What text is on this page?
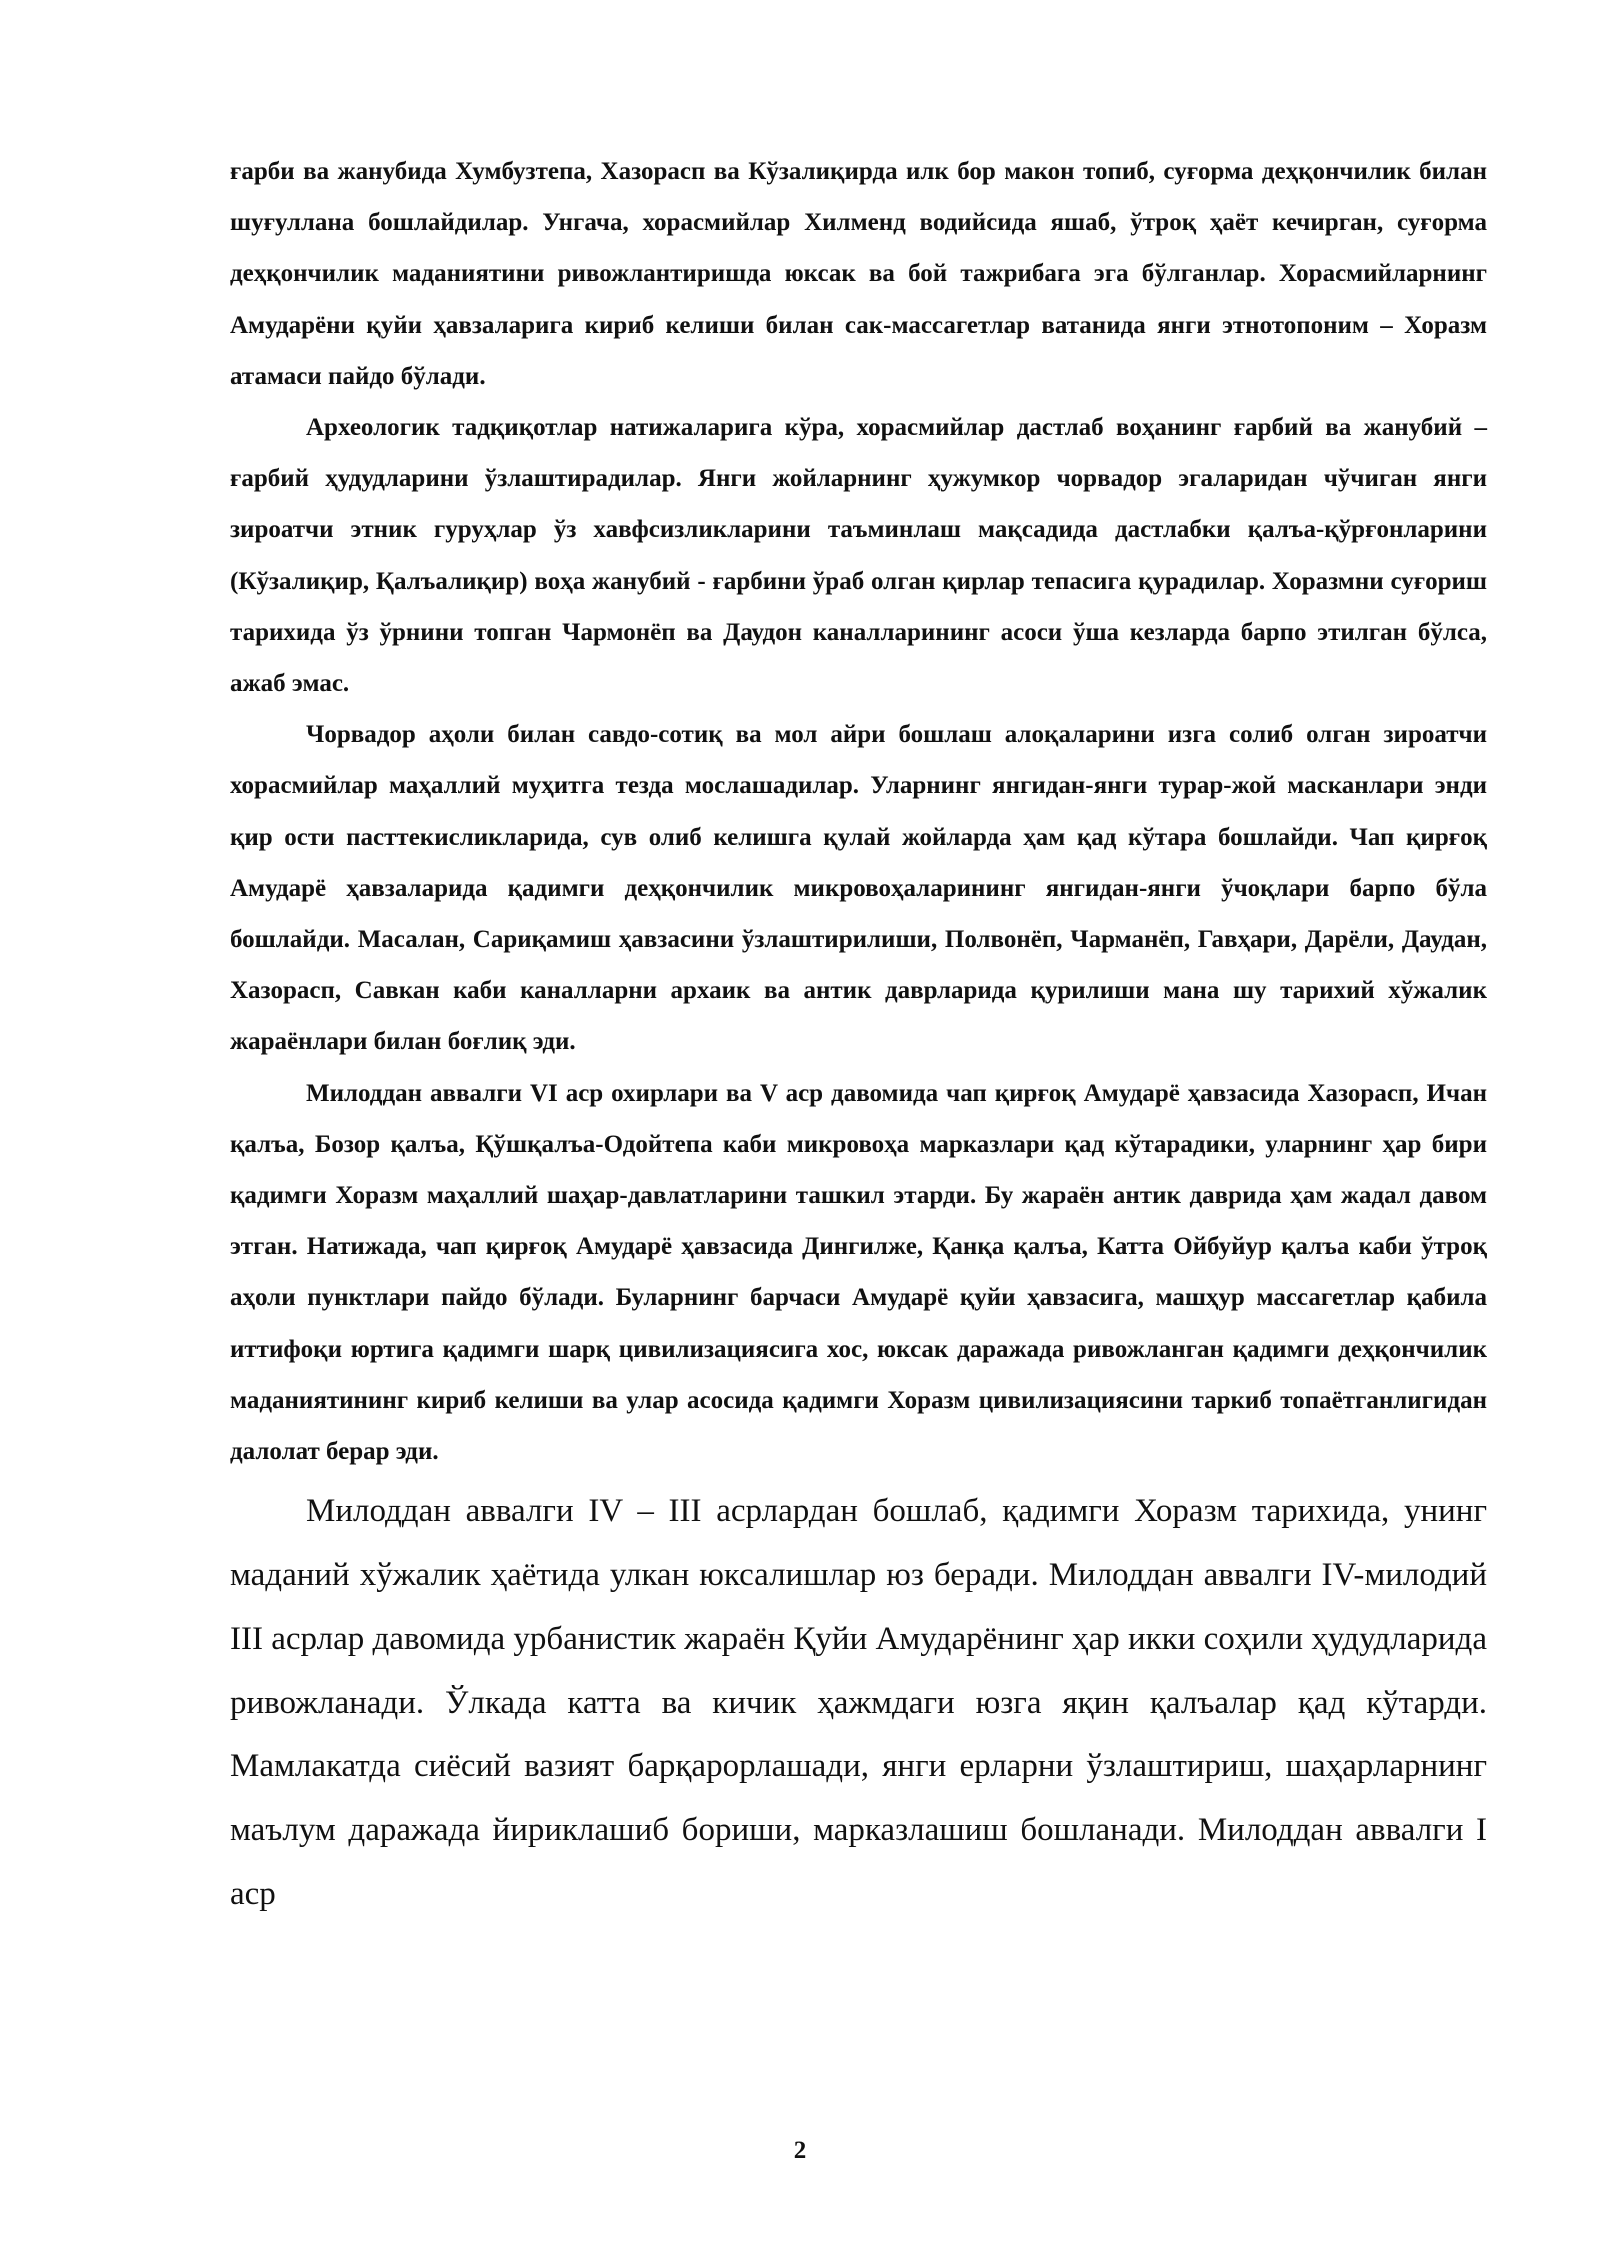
ғарби ва жанубида Хумбузтепа, Хазорасп ва Кўзалиқирда илк бор макон топиб, суғорма деҳқончилик билан шуғуллана бошлайдилар. Унгача, хорасмийлар Хилменд водийсида яшаб, ўтроқ ҳаёт кечирган, суғорма деҳқончилик маданиятини ривожлантиришда юксак ва бой тажрибага эга бўлганлар. Хорасмийларнинг Амударёни қуйи ҳавзаларига кириб келиши билан сак-массагетлар ватанида янги этнотопоним – Хоразм атамаси пайдо бўлади.

Археологик тадқиқотлар натижаларига кўра, хорасмийлар дастлаб воҳанинг ғарбий ва жанубий – ғарбий ҳудудларини ўзлаштирадилар. Янги жойларнинг ҳужумкор чорвадор эгаларидан чўчиган янги зироатчи этник гуруҳлар ўз хавфсизликларини таъминлаш мақсадида дастлабки қалъа-қўрғонларини (Кўзалиқир, Қалъалиқир) воҳа жанубий - ғарбини ўраб олган қирлар тепасига қурадилар. Хоразмни суғориш тарихида ўз ўрнини топган Чармонёп ва Даудон каналларининг асоси ўша кезларда барпо этилган бўлса, ажаб эмас.

Чорвадор аҳоли билан савдо-сотиқ ва мол айри бошлаш алоқаларини изга солиб олган зироатчи хорасмийлар маҳаллий муҳитга тезда мослашадилар. Уларнинг янгидан-янги турар-жой масканлари энди қир ости пасттекисликларида, сув олиб келишга қулай жойларда ҳам қад кўтара бошлайди. Чап қирғоқ Амударё ҳавзаларида қадимги деҳқончилик микровоҳаларининг янгидан-янги ўчоқлари барпо бўла бошлайди. Масалан, Сариқамиш ҳавзасини ўзлаштирилиши, Полвонёп, Чарманёп, Гавҳари, Дарёли, Даудан, Хазорасп, Савкан каби каналларни архаик ва антик даврларида қурилиши мана шу тарихий хўжалик жараёнлари билан боғлиқ эди.

Милоддан аввалги VI аср охирлари ва V аср давомида чап қирғоқ Амударё ҳавзасида Хазорасп, Ичан қалъа, Бозор қалъа, Қўшқалъа-Одойтепа каби микровоҳа марказлари қад кўтарадики, уларнинг ҳар бири қадимги Хоразм маҳаллий шаҳар-давлатларини ташкил этарди. Бу жараён антик даврида ҳам жадал давом этган. Натижада, чап қирғоқ Амударё ҳавзасида Дингилже, Қанқа қалъа, Катта Ойбуйур қалъа каби ўтроқ аҳоли пунктлари пайдо бўлади. Буларнинг барчаси Амударё қуйи ҳавзасига, машҳур массагетлар қабила иттифоқи юртига қадимги шарқ цивилизациясига хос, юксак даражада ривожланган қадимги деҳқончилик маданиятининг кириб келиши ва улар асосида қадимги Хоразм цивилизациясини таркиб топаётганлигидан далолат берар эди.

Милоддан аввалги IV – III асрлардан бошлаб, қадимги Хоразм тарихида, унинг маданий хўжалик ҳаётида улкан юксалишлар юз беради. Милоддан аввалги IV-милодий III асрлар давомида урбанистик жараён Қуйи Амударёнинг ҳар икки соҳили ҳудудларида ривожланади. Ўлкада катта ва кичик ҳажмдаги юзга яқин қалъалар қад кўтарди. Мамлакатда сиёсий вазият барқарорлашади, янги ерларни ўзлаштириш, шаҳарларнинг маълум даражада йириклашиб бориши, марказлашиш бошланади. Милоддан аввалги I аср

2
